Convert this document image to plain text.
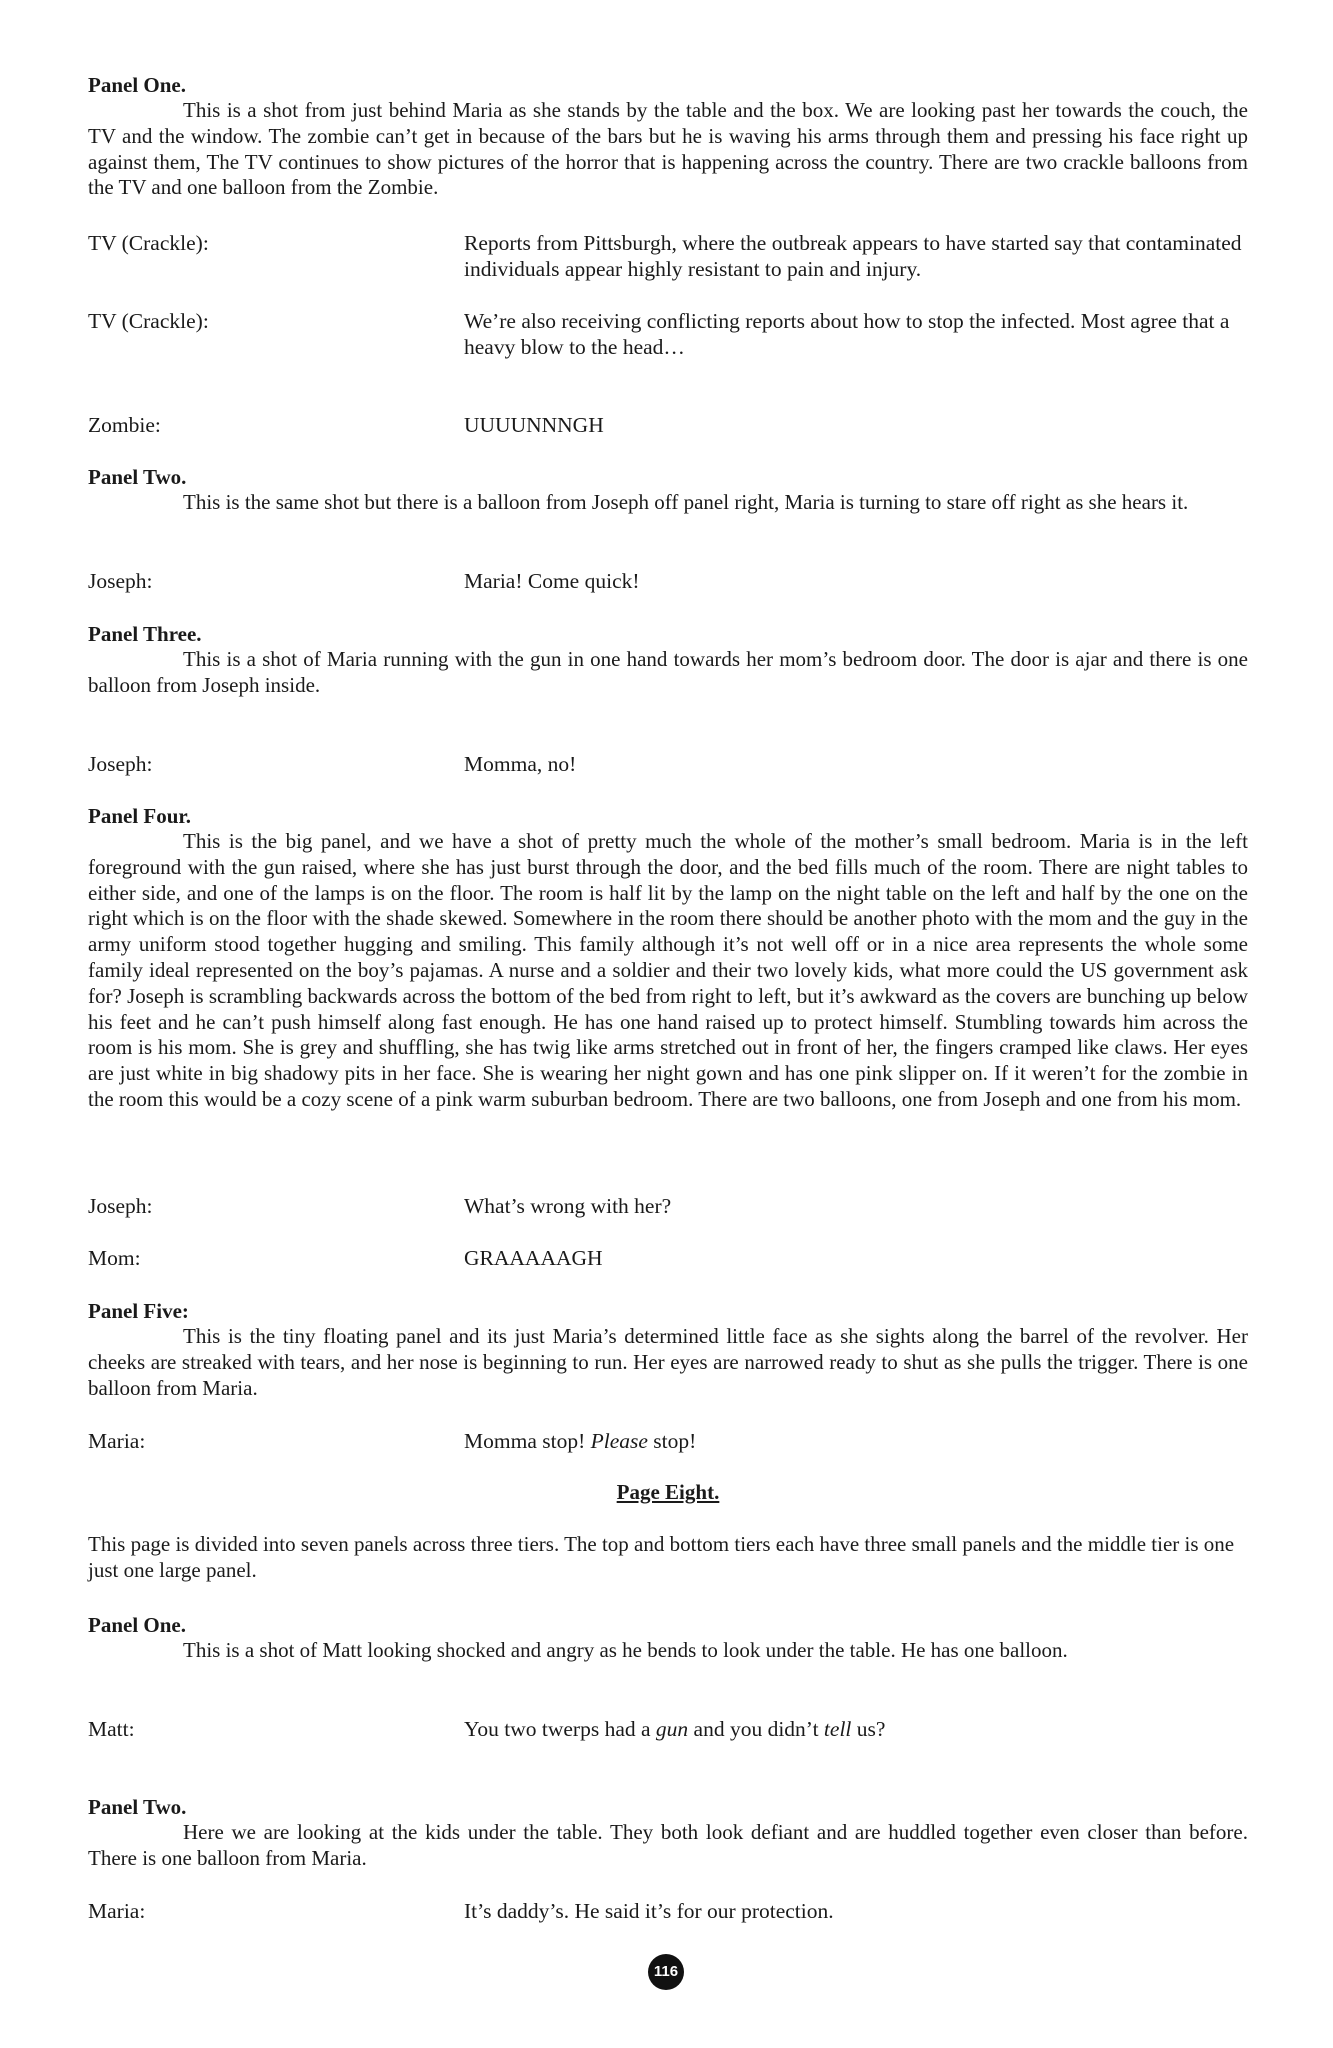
Panel One.
This is a shot from just behind Maria as she stands by the table and the box. We are looking past her towards the couch, the TV and the window. The zombie can’t get in because of the bars but he is waving his arms through them and pressing his face right up against them, The TV continues to show pictures of the horror that is happening across the country. There are two crackle balloons from the TV and one balloon from the Zombie.
TV (Crackle):	Reports from Pittsburgh, where the outbreak appears to have started say that contaminated individuals appear highly resistant to pain and injury.
TV (Crackle):	We’re also receiving conflicting reports about how to stop the infected. Most agree that a heavy blow to the head…
Zombie:	UUUUNNNGH
Panel Two.
This is the same shot but there is a balloon from Joseph off panel right, Maria is turning to stare off right as she hears it.
Joseph:	Maria! Come quick!
Panel Three.
This is a shot of Maria running with the gun in one hand towards her mom’s bedroom door. The door is ajar and there is one balloon from Joseph inside.
Joseph:	Momma, no!
Panel Four.
This is the big panel, and we have a shot of pretty much the whole of the mother’s small bedroom. Maria is in the left foreground with the gun raised, where she has just burst through the door, and the bed fills much of the room. There are night tables to either side, and one of the lamps is on the floor. The room is half lit by the lamp on the night table on the left and half by the one on the right which is on the floor with the shade skewed. Somewhere in the room there should be another photo with the mom and the guy in the army uniform stood together hugging and smiling. This family although it’s not well off or in a nice area represents the whole some family ideal represented on the boy’s pajamas. A nurse and a soldier and their two lovely kids, what more could the US government ask for? Joseph is scrambling backwards across the bottom of the bed from right to left, but it’s awkward as the covers are bunching up below his feet and he can’t push himself along fast enough. He has one hand raised up to protect himself. Stumbling towards him across the room is his mom. She is grey and shuffling, she has twig like arms stretched out in front of her, the fingers cramped like claws. Her eyes are just white in big shadowy pits in her face. She is wearing her night gown and has one pink slipper on. If it weren’t for the zombie in the room this would be a cozy scene of a pink warm suburban bedroom. There are two balloons, one from Joseph and one from his mom.
Joseph:	What’s wrong with her?
Mom:	GRAAAAAGH
Panel Five:
This is the tiny floating panel and its just Maria’s determined little face as she sights along the barrel of the revolver. Her cheeks are streaked with tears, and her nose is beginning to run. Her eyes are narrowed ready to shut as she pulls the trigger. There is one balloon from Maria.
Maria:	Momma stop! Please stop!
Page Eight.
This page is divided into seven panels across three tiers. The top and bottom tiers each have three small panels and the middle tier is one just one large panel.
Panel One.
This is a shot of Matt looking shocked and angry as he bends to look under the table. He has one balloon.
Matt:	You two twerps had a gun and you didn’t tell us?
Panel Two.
Here we are looking at the kids under the table. They both look defiant and are huddled together even closer than before. There is one balloon from Maria.
Maria:	It’s daddy’s. He said it’s for our protection.
116
